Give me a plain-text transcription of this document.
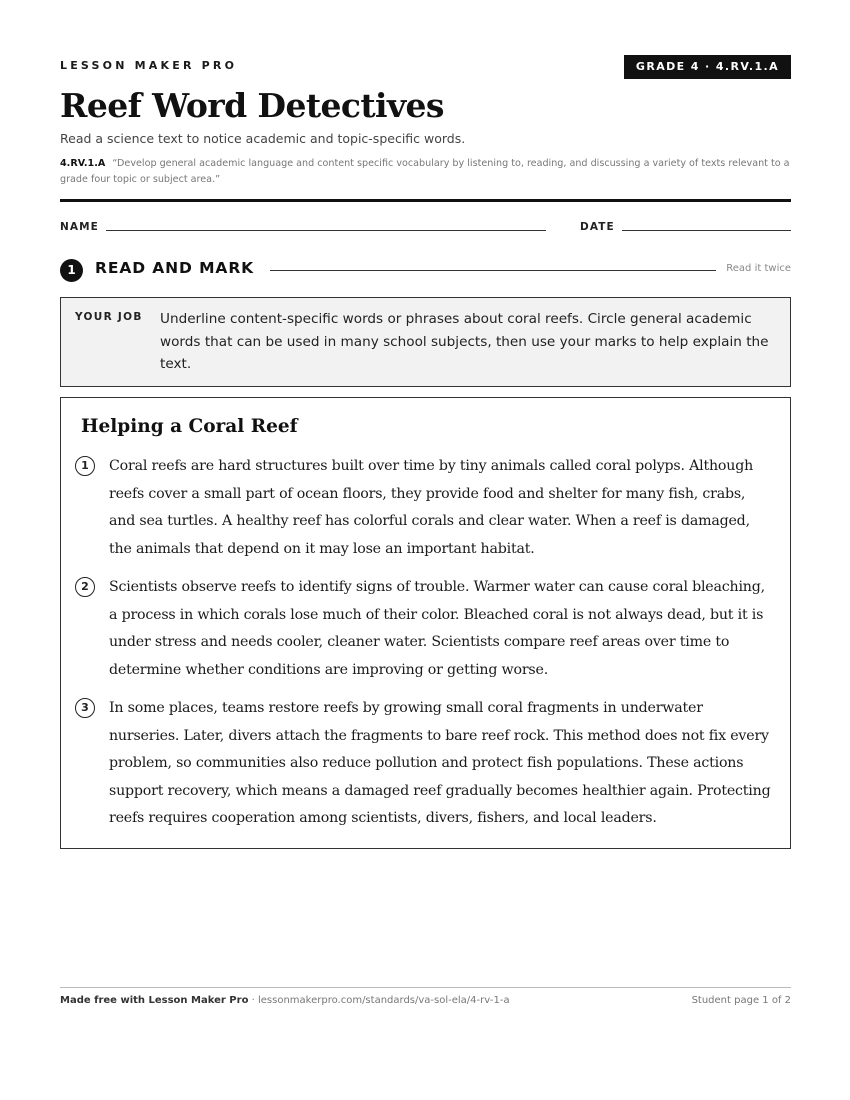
LESSON MAKER PRO	GRADE 4 · 4.RV.1.A
Reef Word Detectives

Read a science text to notice academic and topic-specific words.

4.RV.1.A “Develop general academic language and content specific vocabulary by listening to, reading, and discussing a variety of texts relevant to a grade four topic or subject area.”

NAME	DATE
1	READ AND MARK	Read it twice
YOUR JOB Underline content-specific words or phrases about coral reefs. Circle general academic words that can be used in many school subjects, then use your marks to help explain the text.

Helping a Coral Reef
1	Coral reefs are hard structures built over time by tiny animals called coral polyps. Although reefs cover a small part of ocean floors, they provide food and shelter for many fish, crabs, and sea turtles. A healthy reef has colorful corals and clear water. When a reef is damaged, the animals that depend on it may lose an important habitat.

2	Scientists observe reefs to identify signs of trouble. Warmer water can cause coral bleaching, a process in which corals lose much of their color. Bleached coral is not always dead, but it is under stress and needs cooler, cleaner water. Scientists compare reef areas over time to determine whether conditions are improving or getting worse.

3	In some places, teams restore reefs by growing small coral fragments in underwater nurseries. Later, divers attach the fragments to bare reef rock. This method does not fix every problem, so communities also reduce pollution and protect fish populations. These actions support recovery, which means a damaged reef gradually becomes healthier again. Protecting reefs requires cooperation among scientists, divers, fishers, and local leaders.

Made free with Lesson Maker Pro · lessonmakerpro.com/standards/va-sol-ela/4-rv-1-a	Student page 1 of 2
